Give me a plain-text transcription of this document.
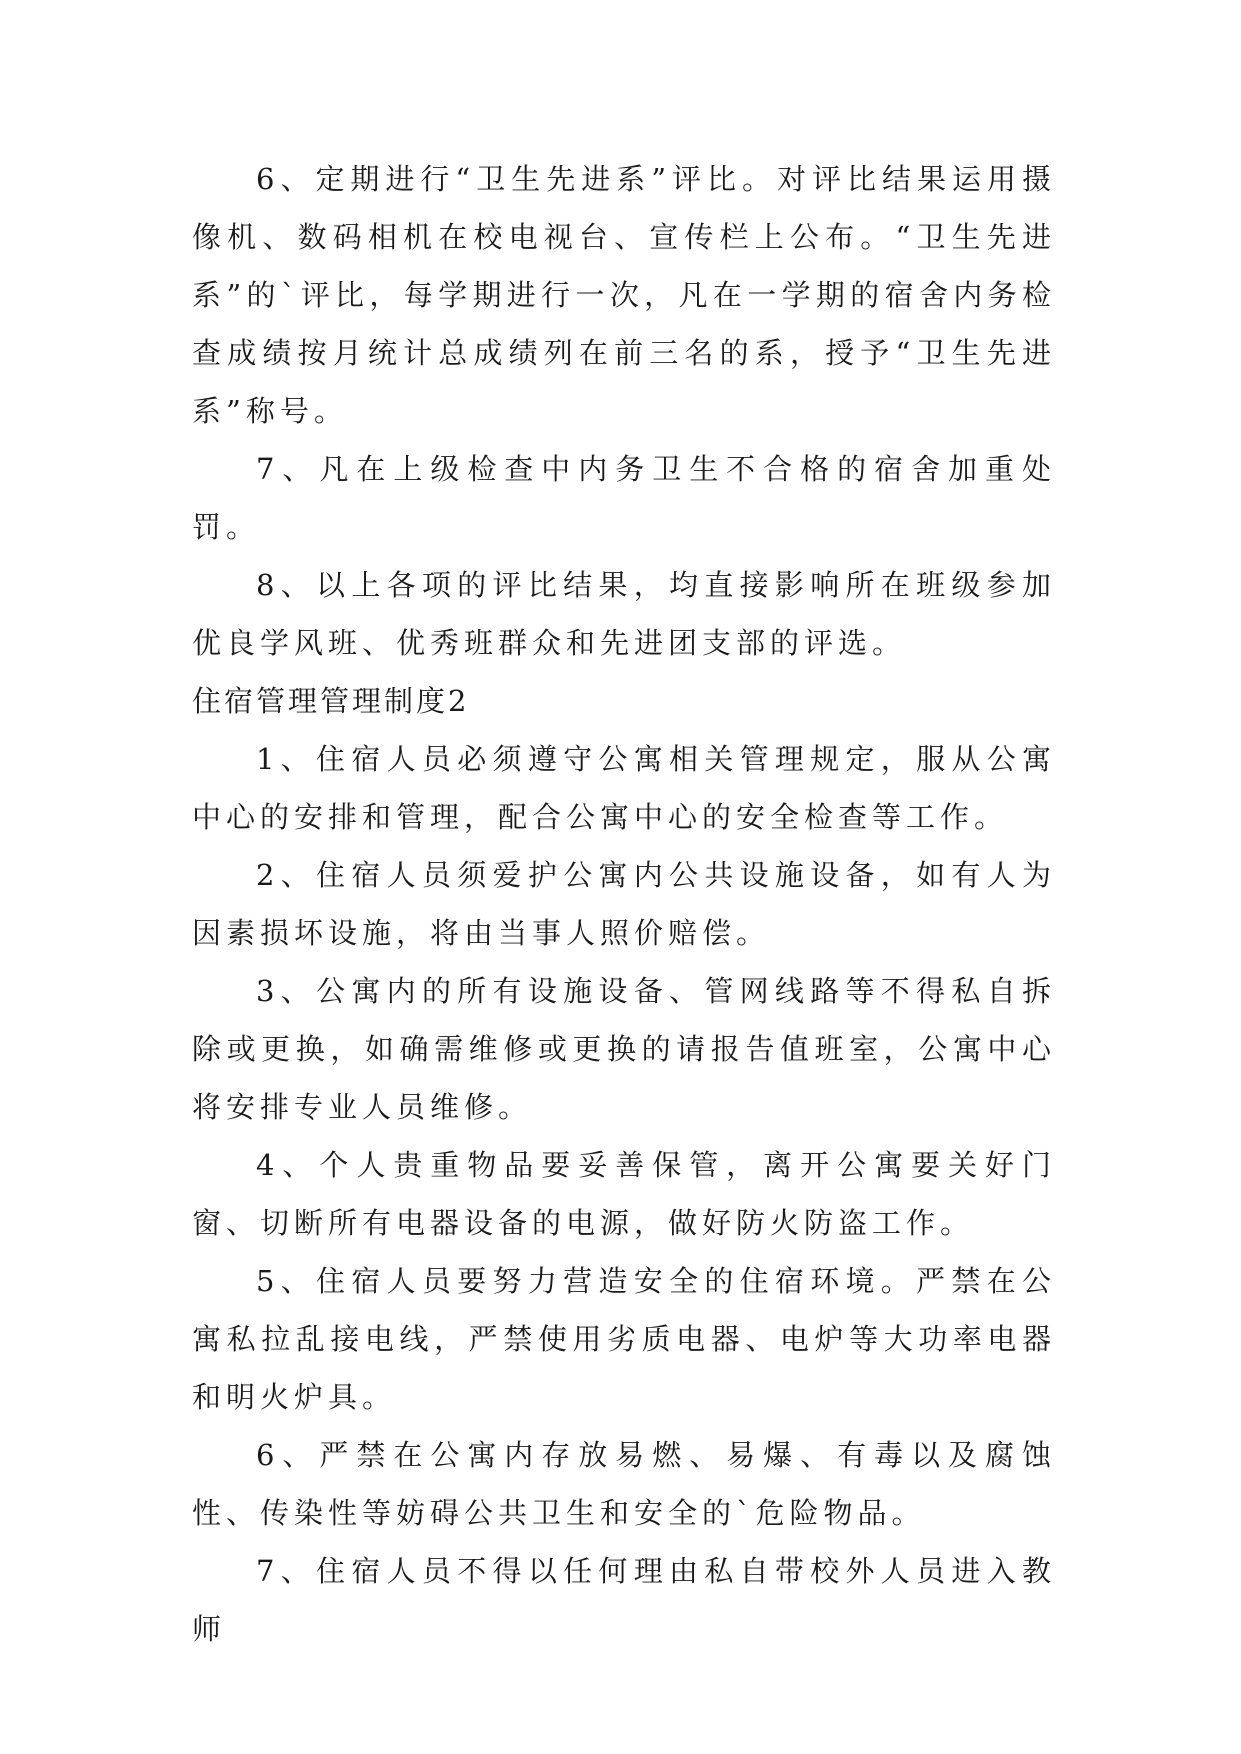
6、定期进行“卫生先进系”评比。对评比结果运用摄像机、数码相机在校电视台、宣传栏上公布。“卫生先进系”的`评比，每学期进行一次，凡在一学期的宿舍内务检查成绩按月统计总成绩列在前三名的系，授予“卫生先进系”称号。

7、凡在上级检查中内务卫生不合格的宿舍加重处罚。

8、以上各项的评比结果，均直接影响所在班级参加优良学风班、优秀班群众和先进团支部的评选。

住宿管理管理制度2

1、住宿人员必须遵守公寓相关管理规定，服从公寓中心的安排和管理，配合公寓中心的安全检查等工作。

2、住宿人员须爱护公寓内公共设施设备，如有人为因素损坏设施，将由当事人照价赔偿。

3、公寓内的所有设施设备、管网线路等不得私自拆除或更换，如确需维修或更换的请报告值班室，公寓中心将安排专业人员维修。

4、个人贵重物品要妥善保管，离开公寓要关好门窗、切断所有电器设备的电源，做好防火防盗工作。

5、住宿人员要努力营造安全的住宿环境。严禁在公寓私拉乱接电线，严禁使用劣质电器、电炉等大功率电器和明火炉具。

6、严禁在公寓内存放易燃、易爆、有毒以及腐蚀性、传染性等妨碍公共卫生和安全的`危险物品。

7、住宿人员不得以任何理由私自带校外人员进入教师
